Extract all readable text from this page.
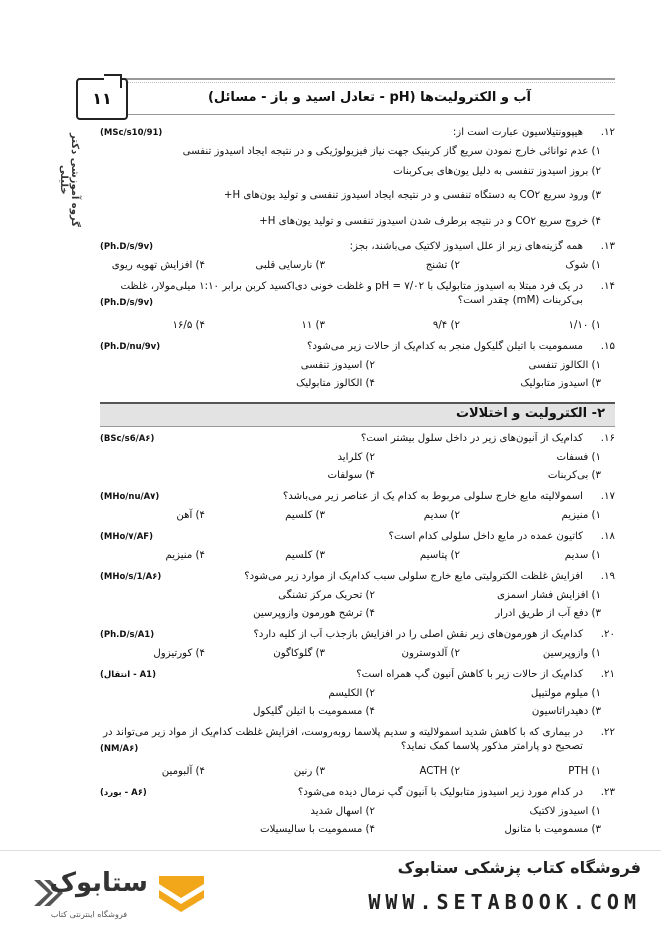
۱۱	آب و الکترولیت‌ها (pH - تعادل اسید و باز - مسائل)
گروه آموزشی دکتر خلیلی
۱۲.
هیپوونتیلاسیون عبارت است از:
(MSc/s10/91)
۱) عدم توانائی خارج نمودن سریع گاز کربنیک جهت نیاز فیزیولوژیکی و در نتیجه ایجاد اسیدوز تنفسی
۲) بروز اسیدوز تنفسی به دلیل یون‌های بی‌کربنات
۳) ورود سریع CO۲ به دستگاه تنفسی و در نتیجه ایجاد اسیدوز تنفسی و تولید یون‌های H+
۴) خروج سریع CO۲ و در نتیجه برطرف شدن اسیدوز تنفسی و تولید یون‌های H+
۱۳.
همه گزینه‌های زیر از علل اسیدوز لاکتیک می‌باشند، بجز:
(Ph.D/s/9v)
۱) شوک
۲) تشنج
۳) نارسایی قلبی
۴) افزایش تهویه ریوی
۱۴.
در یک فرد مبتلا به اسیدوز متابولیک با pH = ۷/۰۲ و غلظت خونی دی‌اکسید کربن برابر ۱:۱۰ میلی‌مولار، غلظت بی‌کربنات (mM) چقدر است؟
(Ph.D/s/9v)
۱) ۱/۱۰
۲) ۹/۴
۳) ۱۱
۴) ۱۶/۵
۱۵.
مسمومیت با اتیلن گلیکول منجر به کدام‌یک از حالات زیر می‌شود؟
(Ph.D/nu/9v)
۱) الکالوز تنفسی
۲) اسیدوز تنفسی
۳) اسیدوز متابولیک
۴) الکالوز متابولیک
۲- الکترولیت و اختلالات
۱۶.
کدام‌یک از آنیون‌های زیر در داخل سلول بیشتر است؟
(BSc/s6/A۶)
۱) فسفات
۲) کلراید
۳) بی‌کربنات
۴) سولفات
۱۷.
اسمولالیته مایع خارج سلولی مربوط به کدام یک از عناصر زیر می‌باشد؟
(MHo/nu/A۷)
۱) منیزیم
۲) سدیم
۳) کلسیم
۴) آهن
۱۸.
کاتیون عمده در مایع داخل سلولی کدام است؟
(MHo/۷/AF)
۱) سدیم
۲) پتاسیم
۳) کلسیم
۴) منیزیم
۱۹.
افزایش غلظت الکترولیتی مایع خارج سلولی سبب کدام‌یک از موارد زیر می‌شود؟
(MHo/s/1/A۶)
۱) افزایش فشار اسمزی
۲) تحریک مرکز تشنگی
۳) دفع آب از طریق ادرار
۴) ترشح هورمون وازوپرسین
۲۰.
کدام‌یک از هورمون‌های زیر نقش اصلی را در افزایش بازجذب آب از کلیه دارد؟
(Ph.D/s/A1)
۱) وازوپرسین
۲) آلدوسترون
۳) گلوکاگون
۴) کورتیزول
۲۱.
کدام‌یک از حالات زیر با کاهش آنیون گپ همراه است؟
(انتقال - A1)
۱) میلوم مولتیپل
۲) الکلیسم
۳) دهیدراتاسیون
۴) مسمومیت با اتیلن گلیکول
۲۲.
در بیماری که با کاهش شدید اسمولالیته و سدیم پلاسما روبه‌روست، افزایش غلظت کدام‌یک از مواد زیر می‌تواند در تصحیح دو پارامتر مذکور پلاسما کمک نماید؟
(NM/A۶)
۱) PTH
۲) ACTH
۳) رنین
۴) آلبومین
۲۳.
در کدام مورد زیر اسیدوز متابولیک با آنیون گپ نرمال دیده می‌شود؟
(بورد - A۶)
۱) اسیدوز لاکتیک
۲) اسهال شدید
۳) مسمومیت با متانول
۴) مسمومیت با سالیسیلات
فروشگاه کتاب پزشکی ستابوک
WWW.SETABOOK.COM
ستابوک
فروشگاه اینترنتی کتاب
